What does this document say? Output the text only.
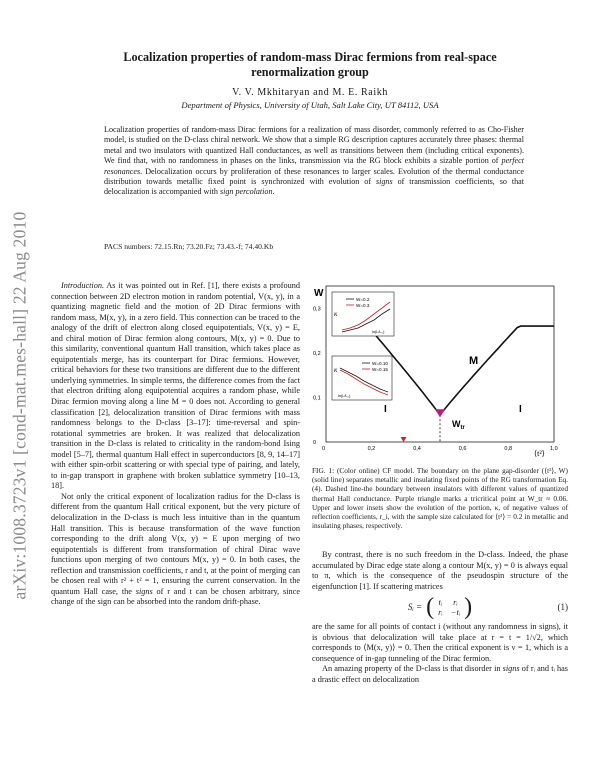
arXiv:1008.3723v1 [cond-mat.mes-hall] 22 Aug 2010
Localization properties of random-mass Dirac fermions from real-space
renormalization group
V. V. Mkhitaryan and M. E. Raikh
Department of Physics, University of Utah, Salt Lake City, UT 84112, USA
Localization properties of random-mass Dirac fermions for a realization of mass disorder, commonly referred to as Cho-Fisher model, is studied on the D-class chiral network. We show that a simple RG description captures accurately three phases: thermal metal and two insulators with quantized Hall conductances, as well as transitions between them (including critical exponents). We find that, with no randomness in phases on the links, transmission via the RG block exhibits a sizable portion of perfect resonances. Delocalization occurs by proliferation of these resonances to larger scales. Evolution of the thermal conductance distribution towards metallic fixed point is synchronized with evolution of signs of transmission coefficients, so that delocalization is accompanied with sign percolation.
PACS numbers: 72.15.Rn; 73.20.Fz; 73.43.-f; 74.40.Kb

Introduction. As it was pointed out in Ref. [1], there exists a profound connection between 2D electron motion in random potential, V(x, y), in a quantizing magnetic field and the motion of 2D Dirac fermions with random mass, M(x, y), in a zero field. This connection can be traced to the analogy of the drift of electron along closed equipotentials, V(x, y) = E, and chiral motion of Dirac fermion along contours, M(x, y) = 0. Due to this similarity, conventional quantum Hall transition, which takes place as equipotentials merge, has its counterpart for Dirac fermions. However, critical behaviors for these two transitions are different due to the different underlying symmetries. In simple terms, the difference comes from the fact that electron drifting along equipotential acquires a random phase, while Dirac fermion moving along a line M = 0 does not. According to general classification [2], delocalization transition of Dirac fermions with mass randomness belongs to the D-class [3–17]: time-reversal and spin-rotational symmetries are broken. It was realized that delocalization transition in the D-class is related to criticality in the random-bond Ising model [5–7], thermal quantum Hall effect in superconductors [8, 9, 14–17] with either spin-orbit scattering or with special type of pairing, and lately, to in-gap transport in graphene with broken sublattice symmetry [10–13, 18].

Not only the critical exponent of localization radius for the D-class is different from the quantum Hall critical exponent, but the very picture of delocalization in the D-class is much less intuitive than in the quantum Hall transition. This is because transformation of the wave function corresponding to the drift along V(x, y) = E upon merging of two equipotentials is different from transformation of chiral Dirac wave functions upon merging of two contours M(x, y) = 0. In both cases, the reflection and transmission coefficients, r and t, at the point of merging can be chosen real with r² + t² = 1, ensuring the current conservation. In the quantum Hall case, the signs of r and t can be chosen arbitrary, since change of the sign can be absorbed into the random drift-phase.

W
⟨t²⟩
0
0,1
0,2
0,3
0	0,2	0,4	0,6	0,8	1,0
M
I	I
$W_{tr}$
κ
W=0.2
W=0.3
ln(L/L₀)
κ
W=0.10
W=0.15
ln(L/L₀)
FIG. 1: (Color online) CF model. The boundary on the plane gap-disorder (⟨t²⟩, W) (solid line) separates metallic and insulating fixed points of the RG transformation Eq. (4). Dashed line-the boundary between insulators with different values of quantized thermal Hall conductance. Purple triangle marks a tricritical point at W_tr ≈ 0.06. Upper and lower insets show the evolution of the portion, κ, of negative values of reflection coefficients, r_i, with the sample size calculated for ⟨t²⟩ = 0.2 in metallic and insulating phases, respectively.

By contrast, there is no such freedom in the D-class. Indeed, the phase accumulated by Dirac edge state along a contour M(x, y) = 0 is always equal to π, which is the consequence of the pseudospin structure of the eigenfunction [1]. If scattering matrices

Sᵢ = ( tᵢ	rᵢ
rᵢ	−tᵢ )	(1)

are the same for all points of contact i (without any randomness in signs), it is obvious that delocalization will take place at r = t = 1/√2, which corresponds to ⟨M(x, y)⟩ = 0. Then the critical exponent is ν = 1, which is a consequence of in-gap tunneling of the Dirac fermion.

An amazing property of the D-class is that disorder in signs of rᵢ and tᵢ has a drastic effect on delocalization
